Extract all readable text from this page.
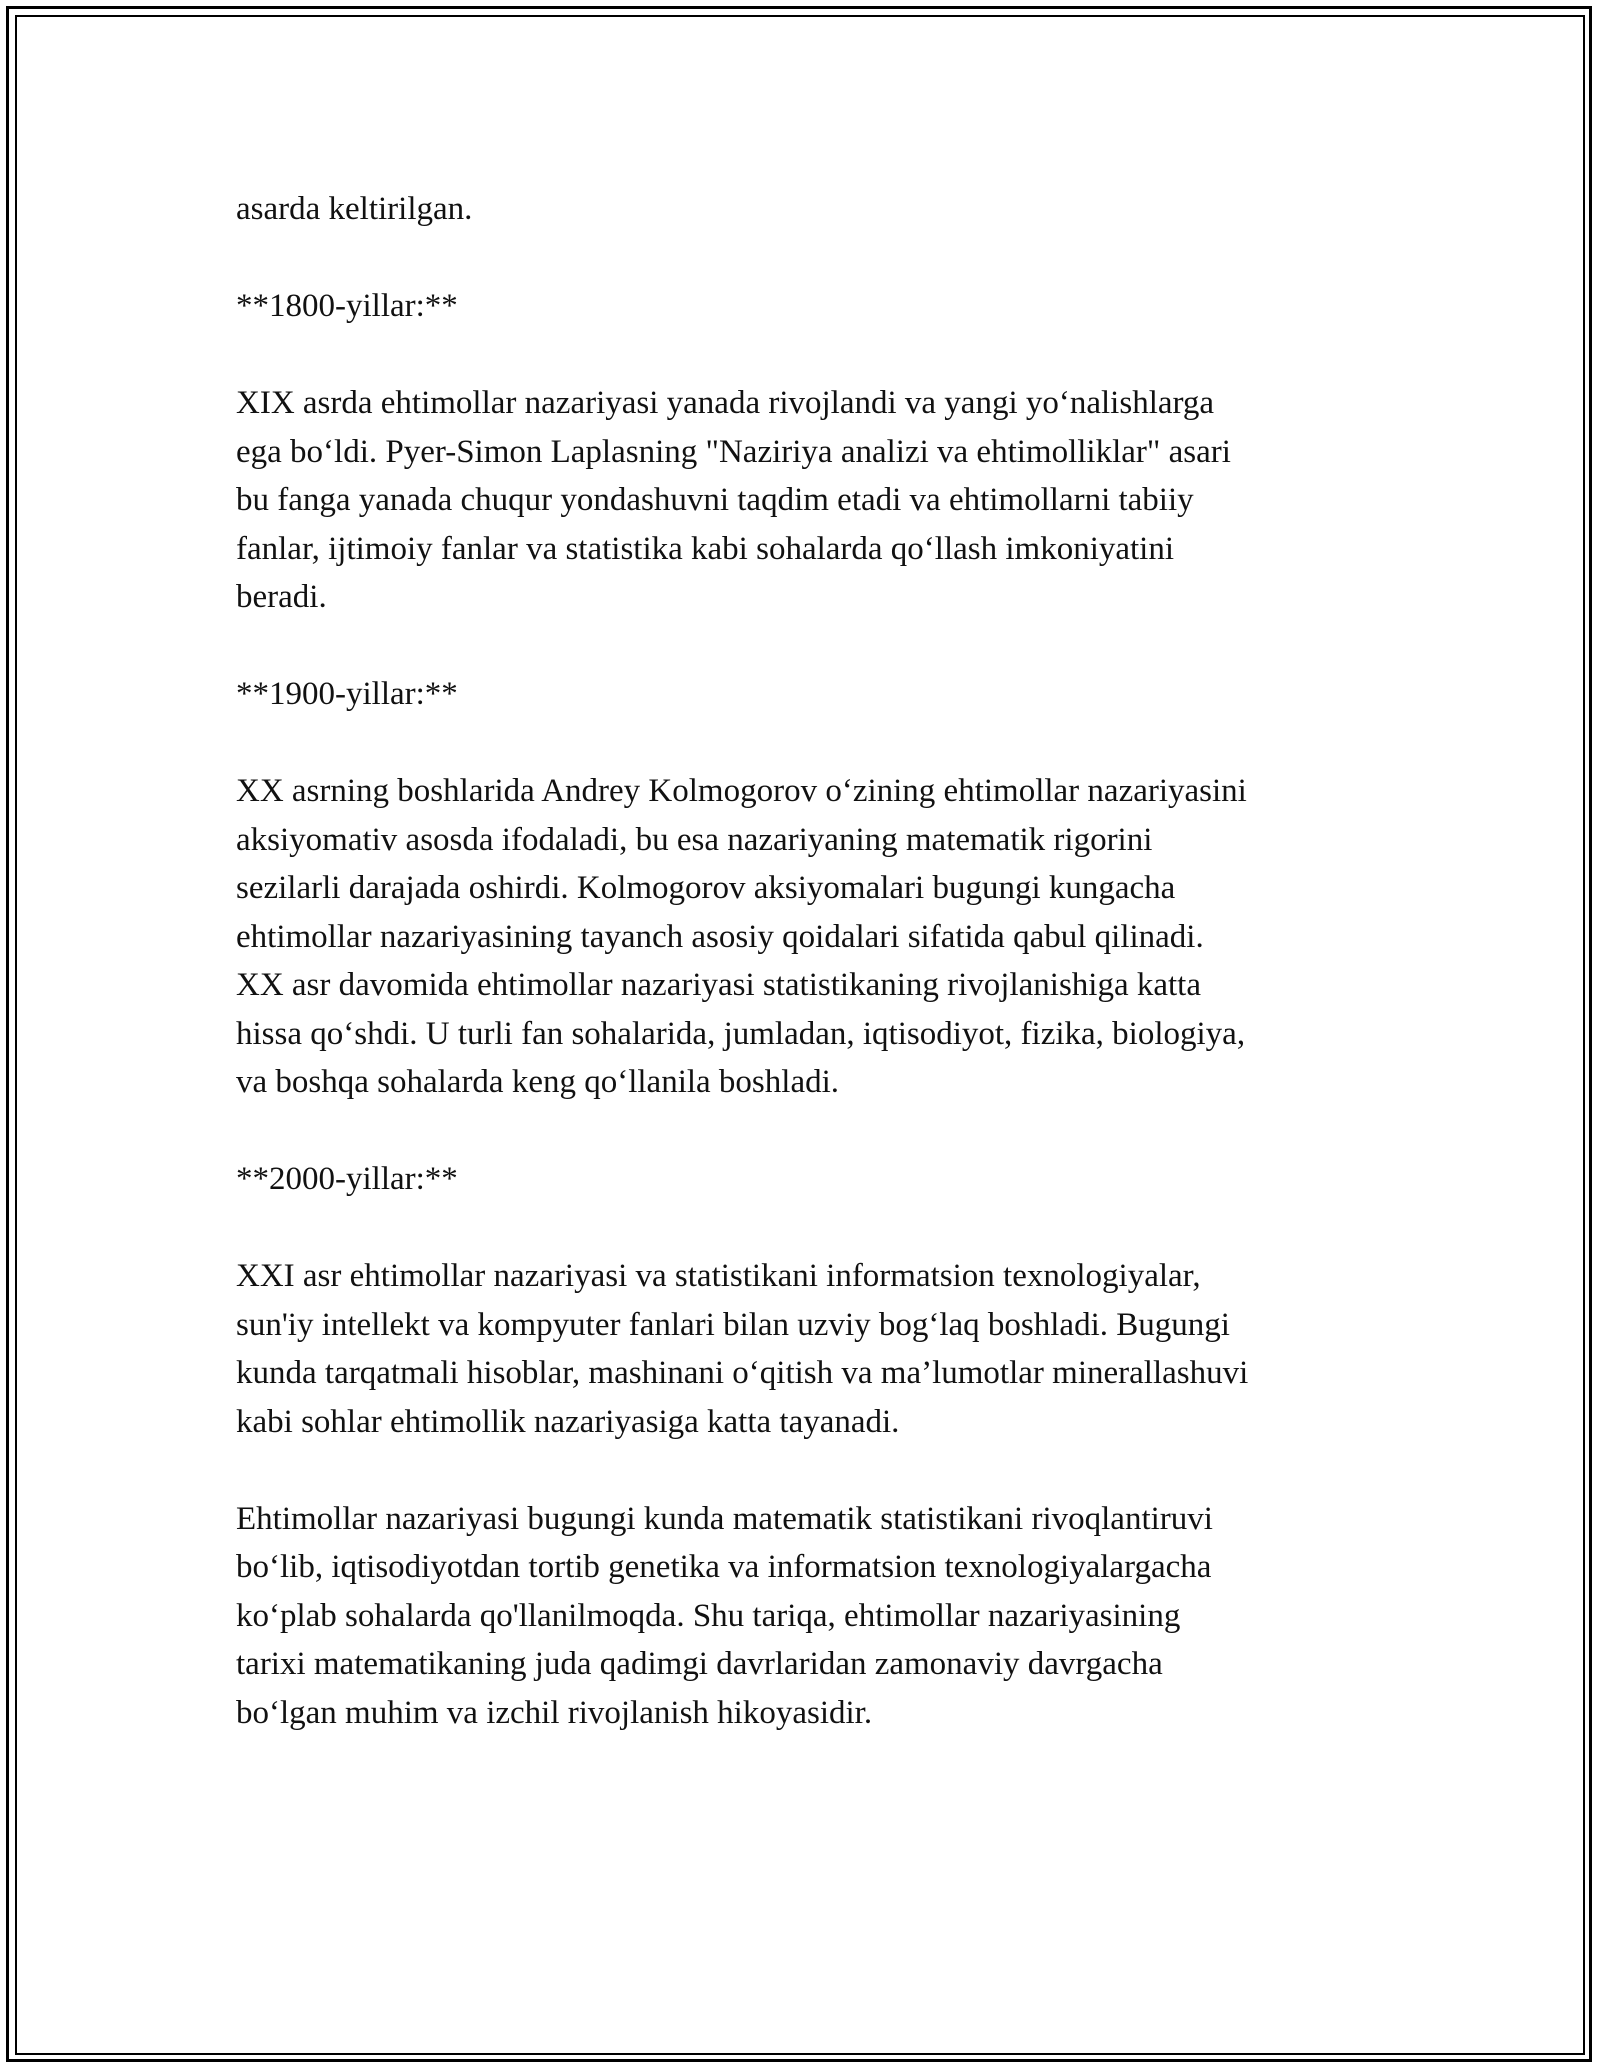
asarda keltirilgan.

**1800-yillar:**

XIX asrda ehtimollar nazariyasi yanada rivojlandi va yangi yo‘nalishlarga
ega bo‘ldi. Pyer-Simon Laplasning "Naziriya analizi va ehtimolliklar" asari
bu fanga yanada chuqur yondashuvni taqdim etadi va ehtimollarni tabiiy
fanlar, ijtimoiy fanlar va statistika kabi sohalarda qo‘llash imkoniyatini
beradi.

**1900-yillar:**

XX asrning boshlarida Andrey Kolmogorov o‘zining ehtimollar nazariyasini
aksiyomativ asosda ifodaladi, bu esa nazariyaning matematik rigorini
sezilarli darajada oshirdi. Kolmogorov aksiyomalari bugungi kungacha
ehtimollar nazariyasining tayanch asosiy qoidalari sifatida qabul qilinadi.
XX asr davomida ehtimollar nazariyasi statistikaning rivojlanishiga katta
hissa qo‘shdi. U turli fan sohalarida, jumladan, iqtisodiyot, fizika, biologiya,
va boshqa sohalarda keng qo‘llanila boshladi.

**2000-yillar:**

XXI asr ehtimollar nazariyasi va statistikani informatsion texnologiyalar,
sun'iy intellekt va kompyuter fanlari bilan uzviy bog‘laq boshladi. Bugungi
kunda tarqatmali hisoblar, mashinani o‘qitish va ma’lumotlar minerallashuvi
kabi sohlar ehtimollik nazariyasiga katta tayanadi.

Ehtimollar nazariyasi bugungi kunda matematik statistikani rivoqlantiruvi
bo‘lib, iqtisodiyotdan tortib genetika va informatsion texnologiyalargacha
ko‘plab sohalarda qo'llanilmoqda. Shu tariqa, ehtimollar nazariyasining
tarixi matematikaning juda qadimgi davrlaridan zamonaviy davrgacha
bo‘lgan muhim va izchil rivojlanish hikoyasidir.
